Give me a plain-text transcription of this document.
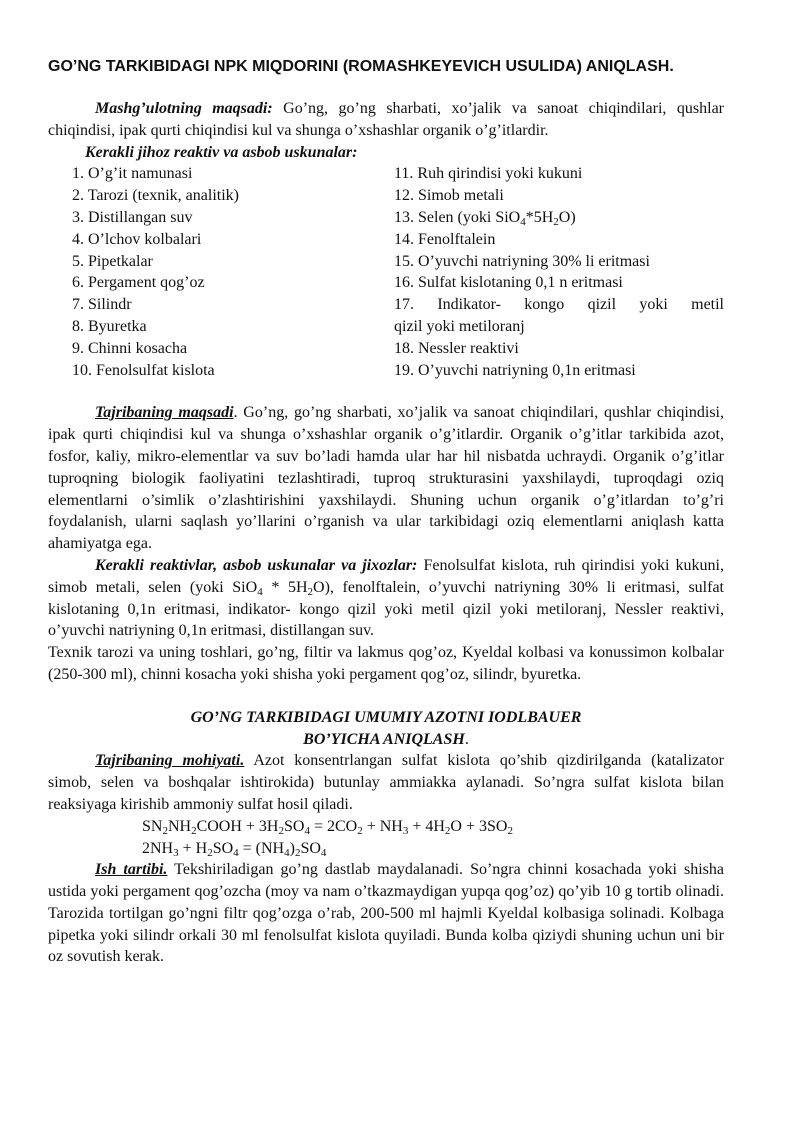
GO’NG TARKIBIDAGI NPK MIQDORINI (ROMASHKEYEVICH USULIDA) ANIQLASH.

Mashg’ulotning maqsadi: Go’ng, go’ng sharbati, xo’jalik va sanoat chiqindilari, qushlar chiqindisi, ipak qurti chiqindisi kul va shunga o’xshashlar organik o’g’itlardir.

Kerakli jihoz reaktiv va asbob uskunalar:
1. O’g’it namunasi
2. Tarozi (texnik, analitik)
3. Distillangan suv
4. O’lchov kolbalari
5. Pipetkalar
6. Pergament qog’oz
7. Silindr
8. Byuretka
9. Chinni kosacha
10. Fenolsulfat kislota
11. Ruh qirindisi yoki kukuni
12. Simob metali
13. Selen (yoki $SiO_4*5H_2O$)
14. Fenolftalein
15. O’yuvchi natriyning 30% li eritmasi
16. Sulfat kislotaning 0,1 n eritmasi
17. Indikator- kongo qizil yoki metil
qizil yoki metiloranj
18. Nessler reaktivi
19. O’yuvchi natriyning 0,1n eritmasi

Tajribaning maqsadi. Go’ng, go’ng sharbati, xo’jalik va sanoat chiqindilari, qushlar chiqindisi, ipak qurti chiqindisi kul va shunga o’xshashlar organik o’g’itlardir. Organik o’g’itlar tarkibida azot, fosfor, kaliy, mikro-elementlar va suv bo’ladi hamda ular har hil nisbatda uchraydi. Organik o’g’itlar tuproqning biologik faoliyatini tezlashtiradi, tuproq strukturasini yaxshilaydi, tuproqdagi oziq elementlarni o’simlik o’zlashtirishini yaxshilaydi. Shuning uchun organik o’g’itlardan to’g’ri foydalanish, ularni saqlash yo’llarini o’rganish va ular tarkibidagi oziq elementlarni aniqlash katta ahamiyatga ega.

Kerakli reaktivlar, asbob uskunalar va jixozlar: Fenolsulfat kislota, ruh qirindisi yoki kukuni, simob metali, selen (yoki $SiO_4 * 5H_2O$), fenolftalein, o’yuvchi natriyning 30% li eritmasi, sulfat kislotaning 0,1n eritmasi, indikator- kongo qizil yoki metil qizil yoki metiloranj, Nessler reaktivi, o’yuvchi natriyning 0,1n eritmasi, distillangan suv.

Texnik tarozi va uning toshlari, go’ng, filtir va lakmus qog’oz, Kyeldal kolbasi va konussimon kolbalar (250-300 ml), chinni kosacha yoki shisha yoki pergament qog’oz, silindr, byuretka.

GO’NG TARKIBIDAGI UMUMIY AZOTNI IODLBAUER
BO’YICHA ANIQLASH.

Tajribaning mohiyati. Azot konsentrlangan sulfat kislota qo’shib qizdirilganda (katalizator simob, selen va boshqalar ishtirokida) butunlay ammiakka aylanadi. So’ngra sulfat kislota bilan reaksiyaga kirishib ammoniy sulfat hosil qiladi.

$SN_2NH_2COOH + 3H_2SO_4 = 2CO_2 + NH_3 + 4H_2O + 3SO_2$
$2NH_3 + H_2SO_4 = (NH_4)_2SO_4$

Ish tartibi. Tekshiriladigan go’ng dastlab maydalanadi. So’ngra chinni kosachada yoki shisha ustida yoki pergament qog’ozcha (moy va nam o’tkazmaydigan yupqa qog’oz) qo’yib 10 g tortib olinadi. Tarozida tortilgan go’ngni filtr qog’ozga o’rab, 200-500 ml hajmli Kyeldal kolbasiga solinadi. Kolbaga pipetka yoki silindr orkali 30 ml fenolsulfat kislota quyiladi. Bunda kolba qiziydi shuning uchun uni bir oz sovutish kerak.
